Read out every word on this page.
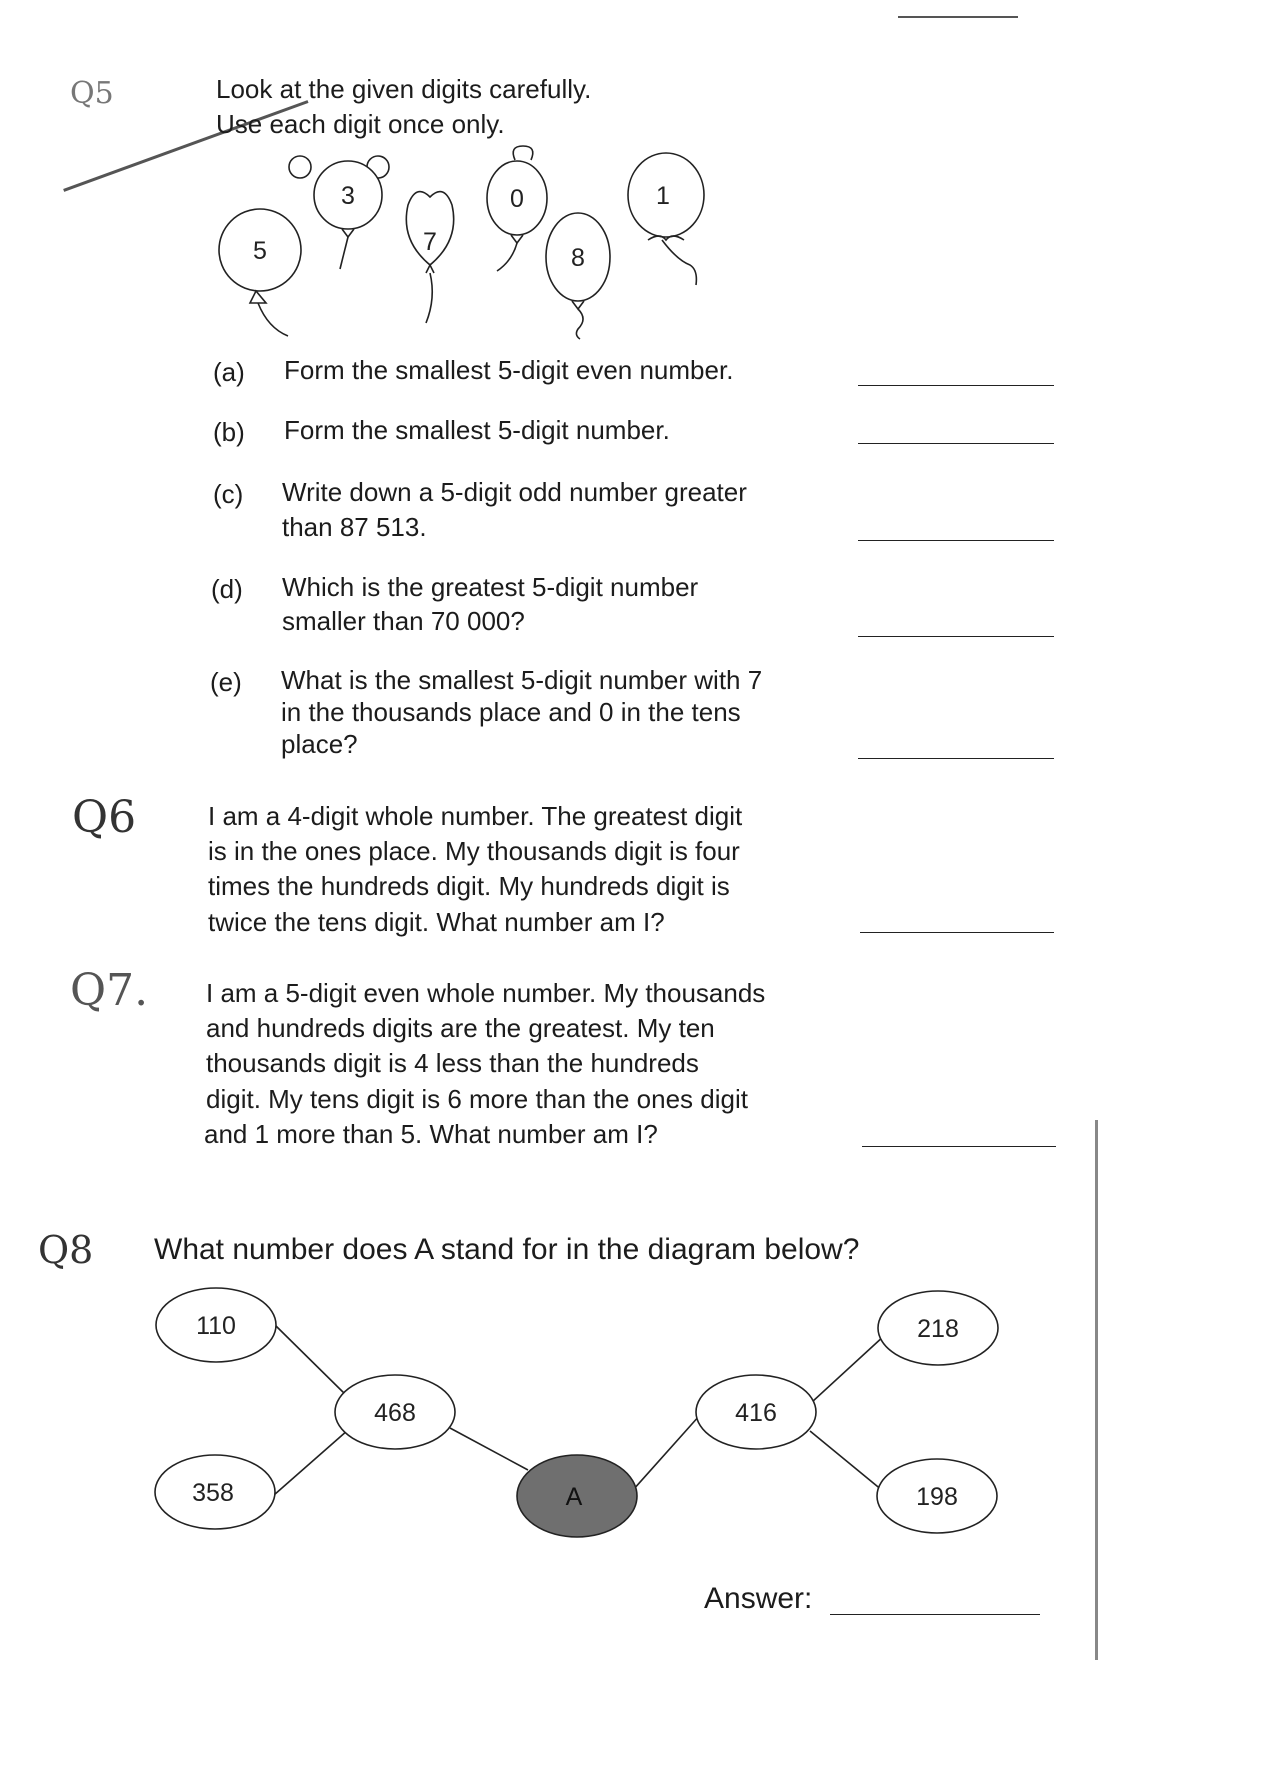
Q5	Look at the given digits carefully.
Use each digit once only.
5
3
7
0
8
1
(a) Form the smallest 5-digit even number.
(b) Form the smallest 5-digit number.
(c) Write down a 5-digit odd number greater
than 87 513.
(d) Which is the greatest 5-digit number
smaller than 70 000?
(e) What is the smallest 5-digit number with 7
in the thousands place and 0 in the tens
place?
Q6	I am a 4-digit whole number. The greatest digit
is in the ones place. My thousands digit is four
times the hundreds digit. My hundreds digit is
twice the tens digit. What number am I?
Q7. I am a 5-digit even whole number. My thousands
and hundreds digits are the greatest. My ten
thousands digit is 4 less than the hundreds
digit. My tens digit is 6 more than the ones digit
and 1 more than 5. What number am I?
Q8 What number does A stand for in the diagram below?
110
358
468
A
416
218
198
Answer:
